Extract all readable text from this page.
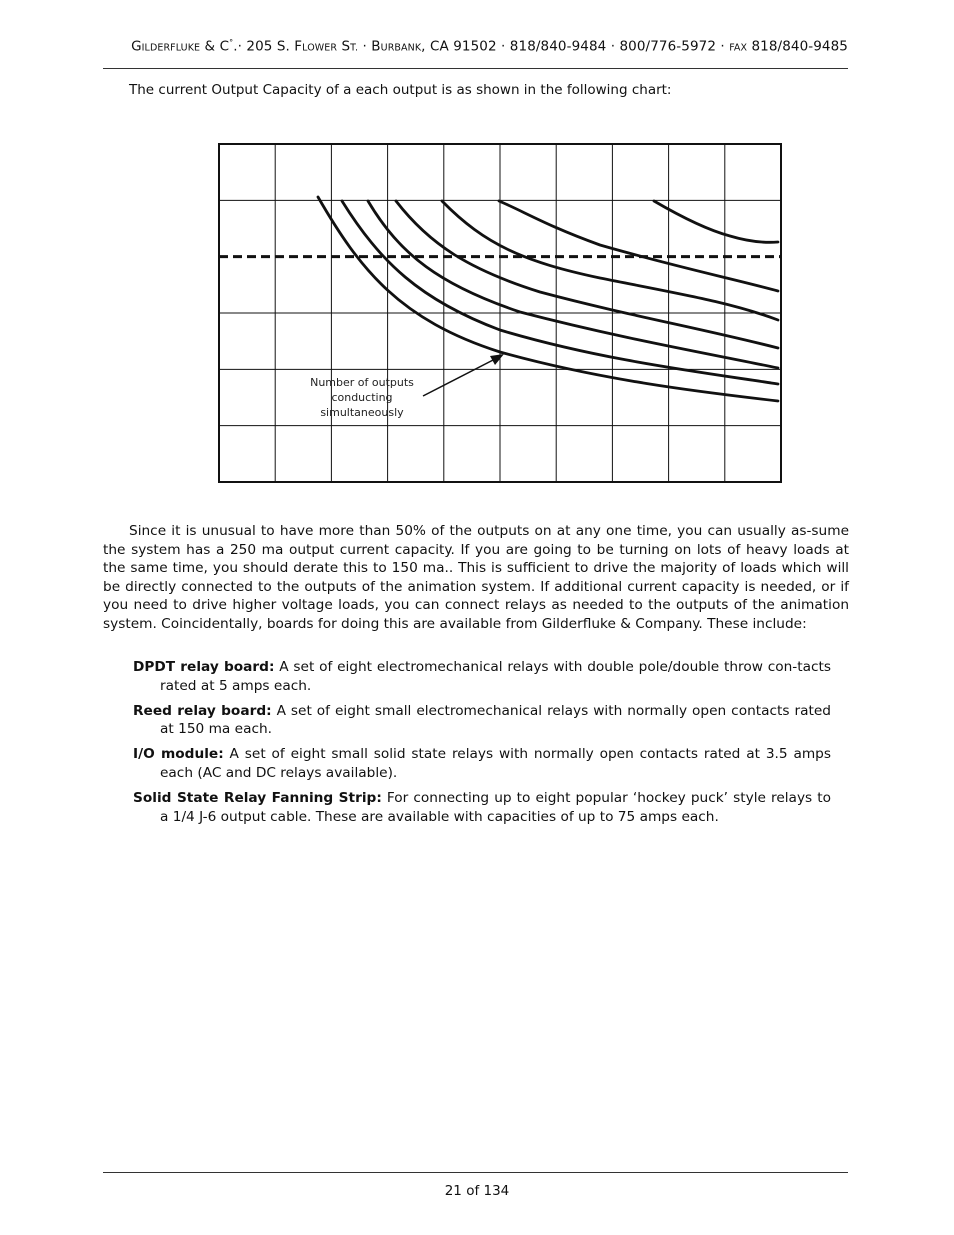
GILDERFLUKE & C°.· 205 S. FLOWER ST. · BURBANK, CA 91502 · 818/840-9484 · 800/776-5972 · FAX 818/840-9485
The current Output Capacity of a each output is as shown in the following chart:
Number of outputs
conducting
simultaneously

Since it is unusual to have more than 50% of the outputs on at any one time, you can usually as-sume the system has a 250 ma output current capacity. If you are going to be turning on lots of heavy loads at the same time, you should derate this to 150 ma.. This is sufficient to drive the majority of loads which will be directly connected to the outputs of the animation system. If additional current capacity is needed, or if you need to drive higher voltage loads, you can connect relays as needed to the outputs of the animation system. Coincidentally, boards for doing this are available from Gilderfluke & Company. These include:

DPDT relay board: A set of eight electromechanical relays with double pole/double throw con-tacts rated at 5 amps each.
Reed relay board: A set of eight small electromechanical relays with normally open contacts rated at 150 ma each.
I/O module: A set of eight small solid state relays with normally open contacts rated at 3.5 amps each (AC and DC relays available).
Solid State Relay Fanning Strip: For connecting up to eight popular ‘hockey puck’ style relays to a 1/4 J-6 output cable. These are available with capacities of up to 75 amps each.
21 of 134
